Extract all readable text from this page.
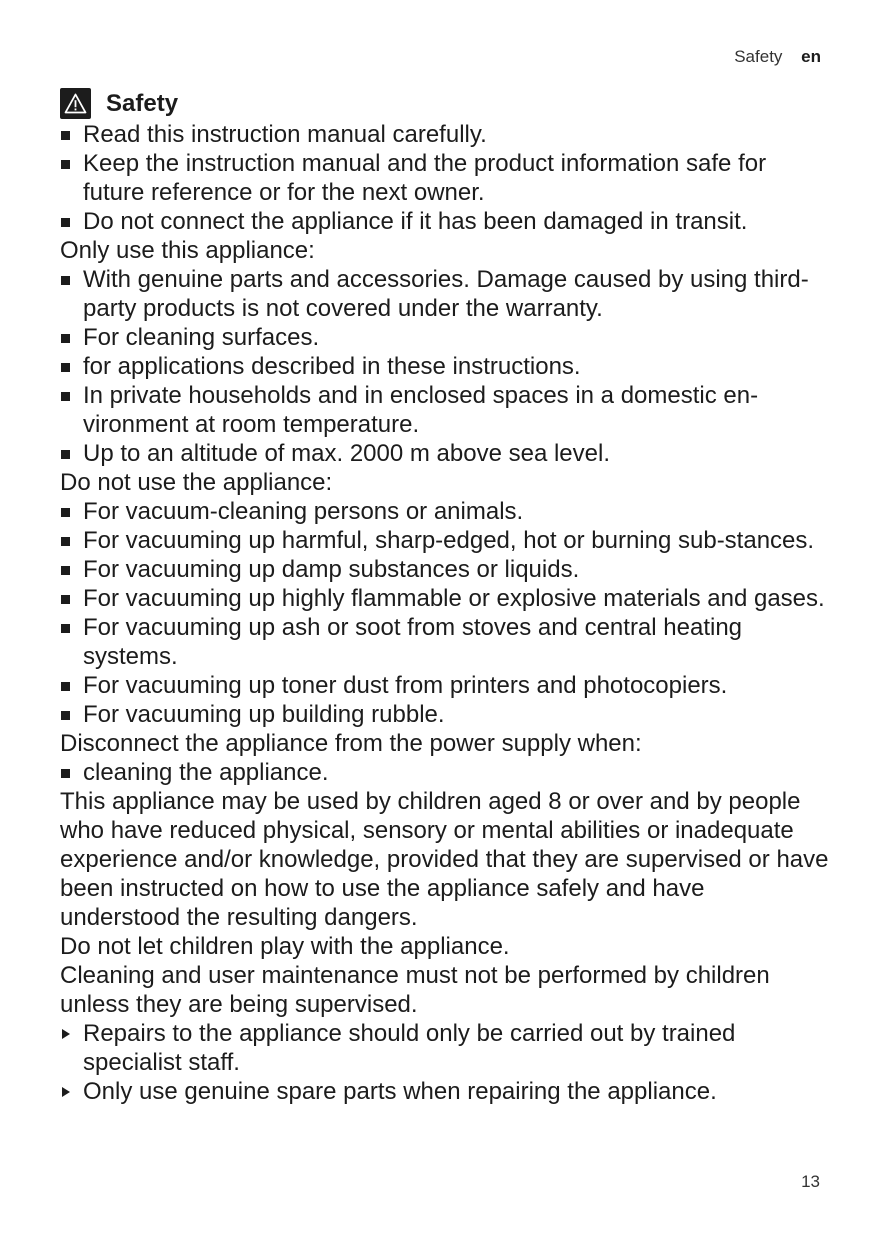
Safety en
Safety
Read this instruction manual carefully.
Keep the instruction manual and the product information safe for future reference or for the next owner.
Do not connect the appliance if it has been damaged in transit.

Only use this appliance:

With genuine parts and accessories. Damage caused by using third-party products is not covered under the warranty.
For cleaning surfaces.
for applications described in these instructions.
In private households and in enclosed spaces in a domestic en-vironment at room temperature.
Up to an altitude of max. 2000 m above sea level.

Do not use the appliance:

For vacuum-cleaning persons or animals.
For vacuuming up harmful, sharp-edged, hot or burning sub-stances.
For vacuuming up damp substances or liquids.
For vacuuming up highly flammable or explosive materials and gases.
For vacuuming up ash or soot from stoves and central heating systems.
For vacuuming up toner dust from printers and photocopiers.
For vacuuming up building rubble.

Disconnect the appliance from the power supply when:

cleaning the appliance.

This appliance may be used by children aged 8 or over and by people who have reduced physical, sensory or mental abilities or inadequate experience and/or knowledge, provided that they are supervised or have been instructed on how to use the appliance safely and have understood the resulting dangers.

Do not let children play with the appliance.

Cleaning and user maintenance must not be performed by children unless they are being supervised.

Repairs to the appliance should only be carried out by trained specialist staff.
Only use genuine spare parts when repairing the appliance.
13
